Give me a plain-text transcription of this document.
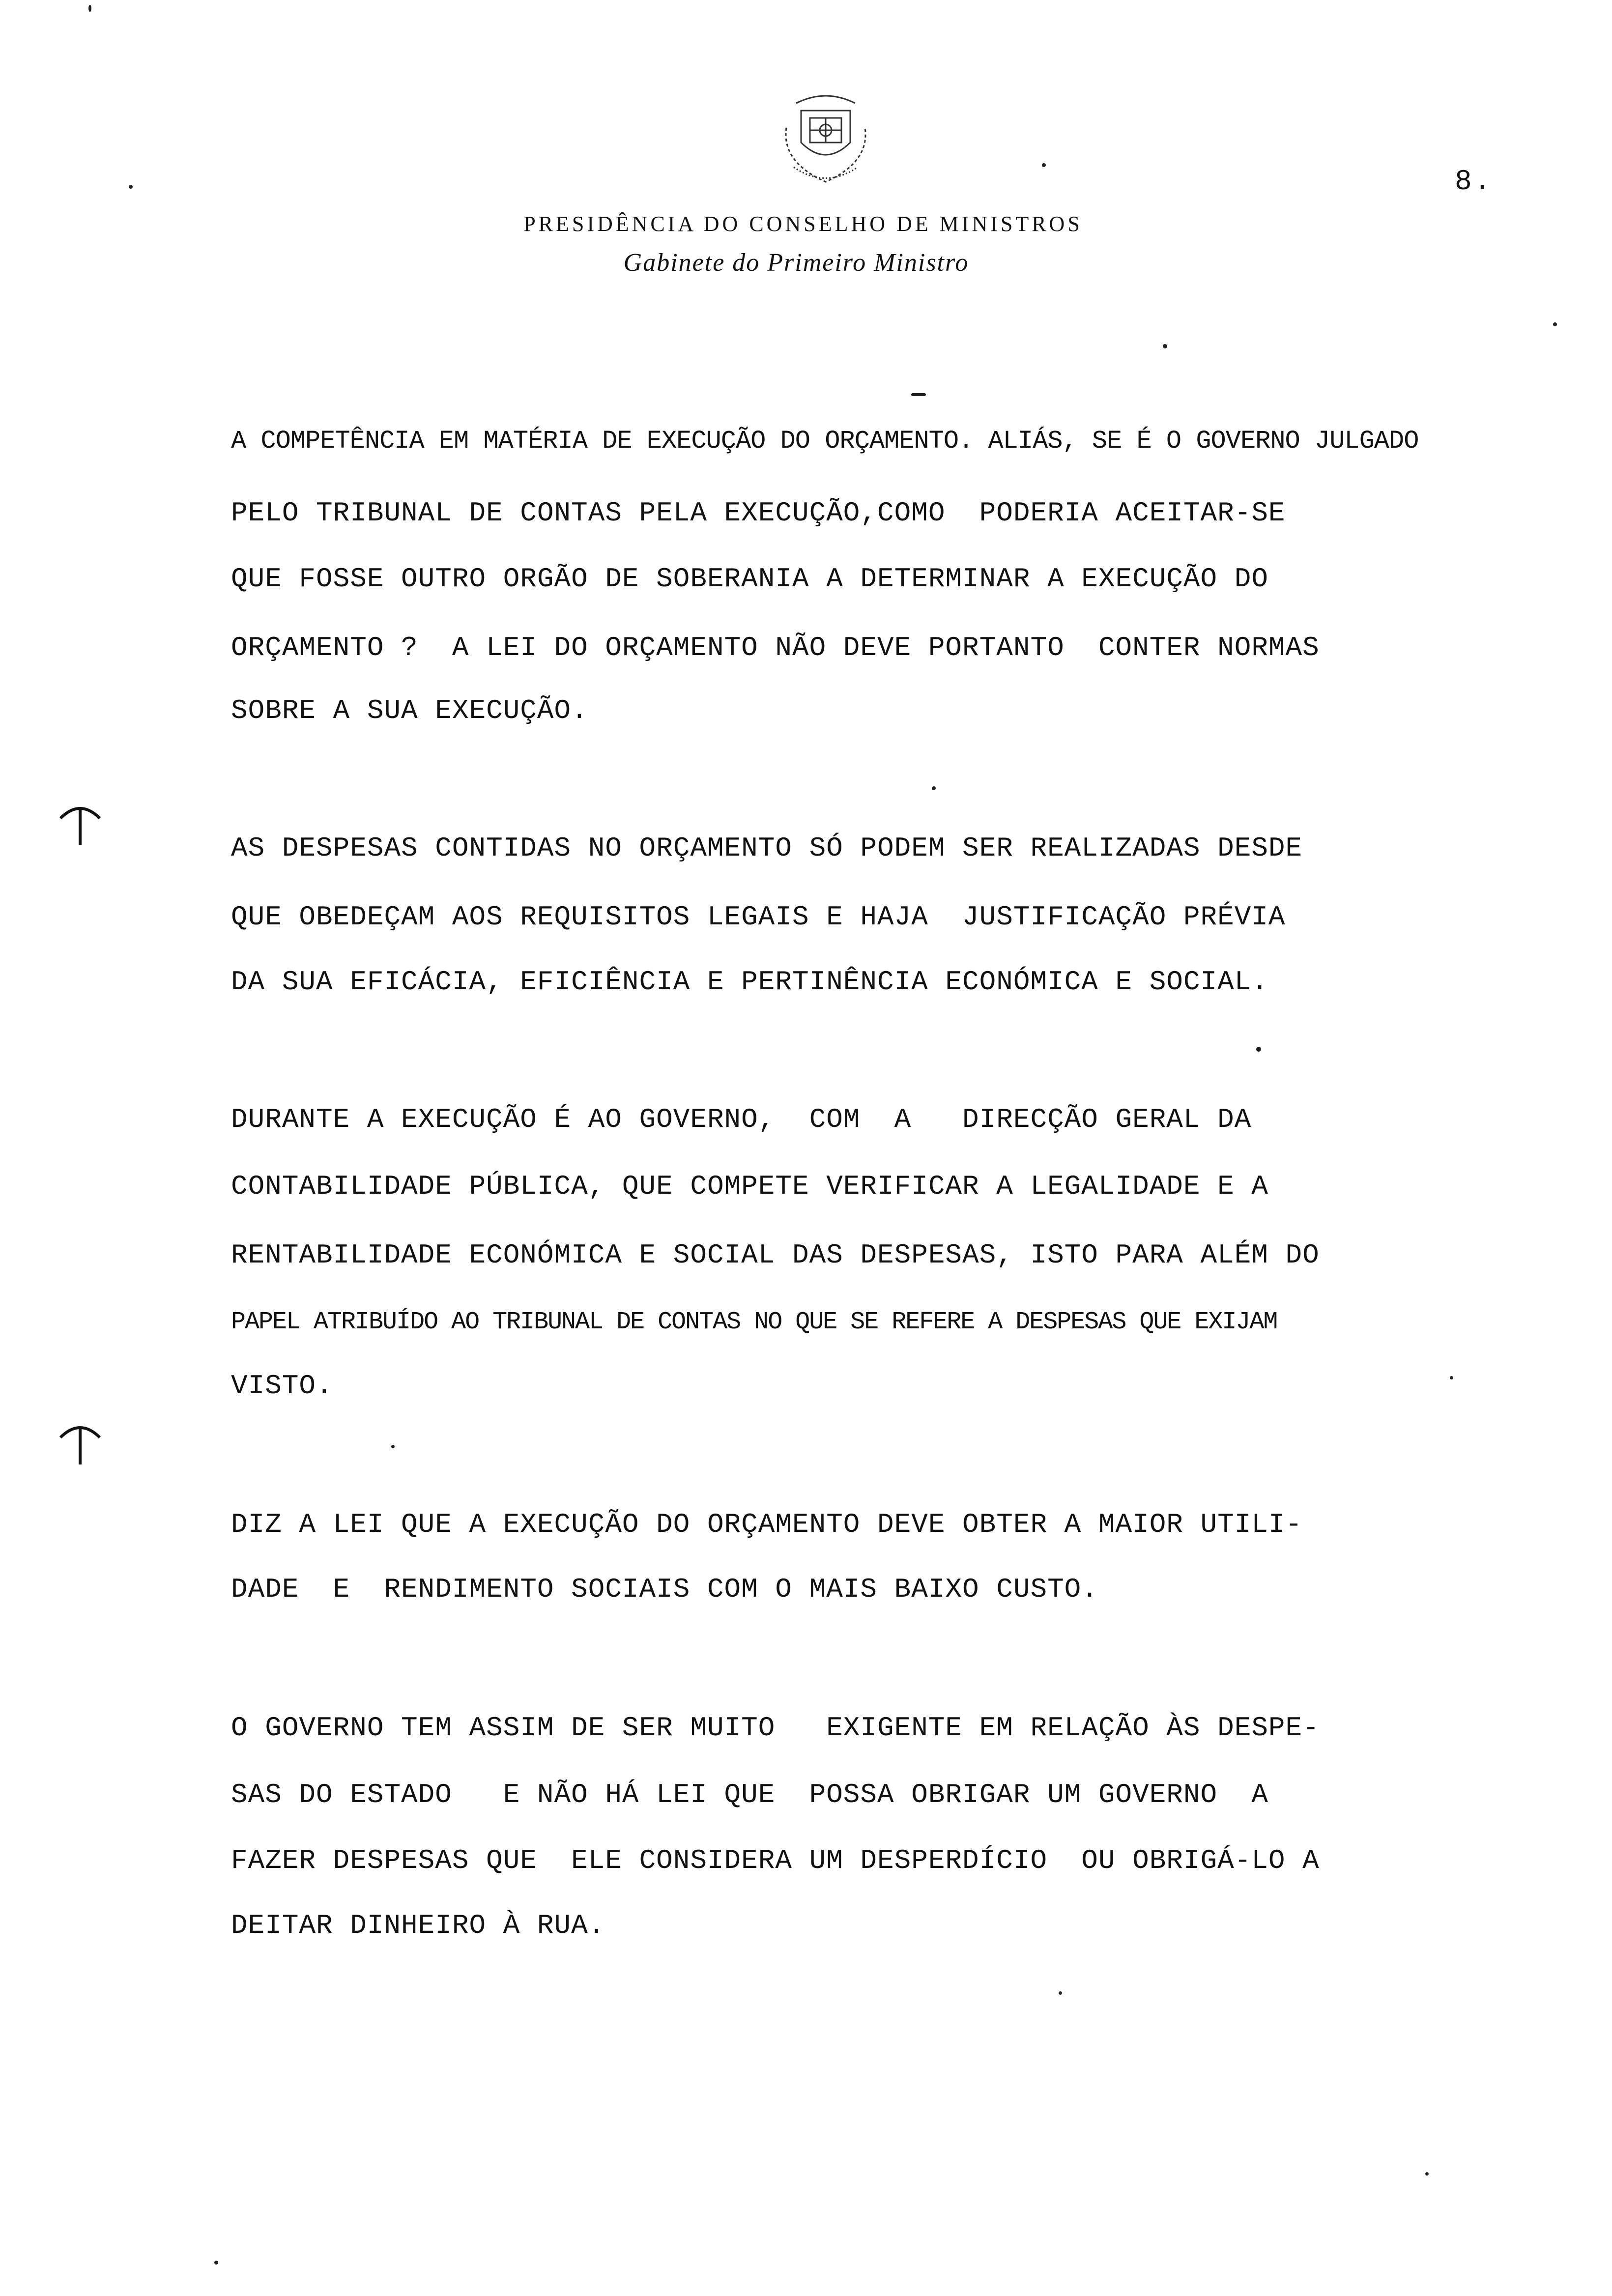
8.
PRESIDÊNCIA DO CONSELHO DE MINISTROS
Gabinete do Primeiro Ministro
A COMPETÊNCIA EM MATÉRIA DE EXECUÇÃO DO ORÇAMENTO. ALIÁS, SE É O GOVERNO JULGADO
PELO TRIBUNAL DE CONTAS PELA EXECUÇÃO,COMO  PODERIA ACEITAR-SE
QUE FOSSE OUTRO ORGÃO DE SOBERANIA A DETERMINAR A EXECUÇÃO DO
ORÇAMENTO ?  A LEI DO ORÇAMENTO NÃO DEVE PORTANTO  CONTER NORMAS
SOBRE A SUA EXECUÇÃO.
AS DESPESAS CONTIDAS NO ORÇAMENTO SÓ PODEM SER REALIZADAS DESDE
QUE OBEDEÇAM AOS REQUISITOS LEGAIS E HAJA  JUSTIFICAÇÃO PRÉVIA
DA SUA EFICÁCIA, EFICIÊNCIA E PERTINÊNCIA ECONÓMICA E SOCIAL.
DURANTE A EXECUÇÃO É AO GOVERNO,  COM  A   DIRECÇÃO GERAL DA
CONTABILIDADE PÚBLICA, QUE COMPETE VERIFICAR A LEGALIDADE E A
RENTABILIDADE ECONÓMICA E SOCIAL DAS DESPESAS, ISTO PARA ALÉM DO
PAPEL ATRIBUÍDO AO TRIBUNAL DE CONTAS NO QUE SE REFERE A DESPESAS QUE EXIJAM
VISTO.
DIZ A LEI QUE A EXECUÇÃO DO ORÇAMENTO DEVE OBTER A MAIOR UTILI-
DADE  E  RENDIMENTO SOCIAIS COM O MAIS BAIXO CUSTO.
O GOVERNO TEM ASSIM DE SER MUITO   EXIGENTE EM RELAÇÃO ÀS DESPE-
SAS DO ESTADO   E NÃO HÁ LEI QUE  POSSA OBRIGAR UM GOVERNO  A
FAZER DESPESAS QUE  ELE CONSIDERA UM DESPERDÍCIO  OU OBRIGÁ-LO A
DEITAR DINHEIRO À RUA.
